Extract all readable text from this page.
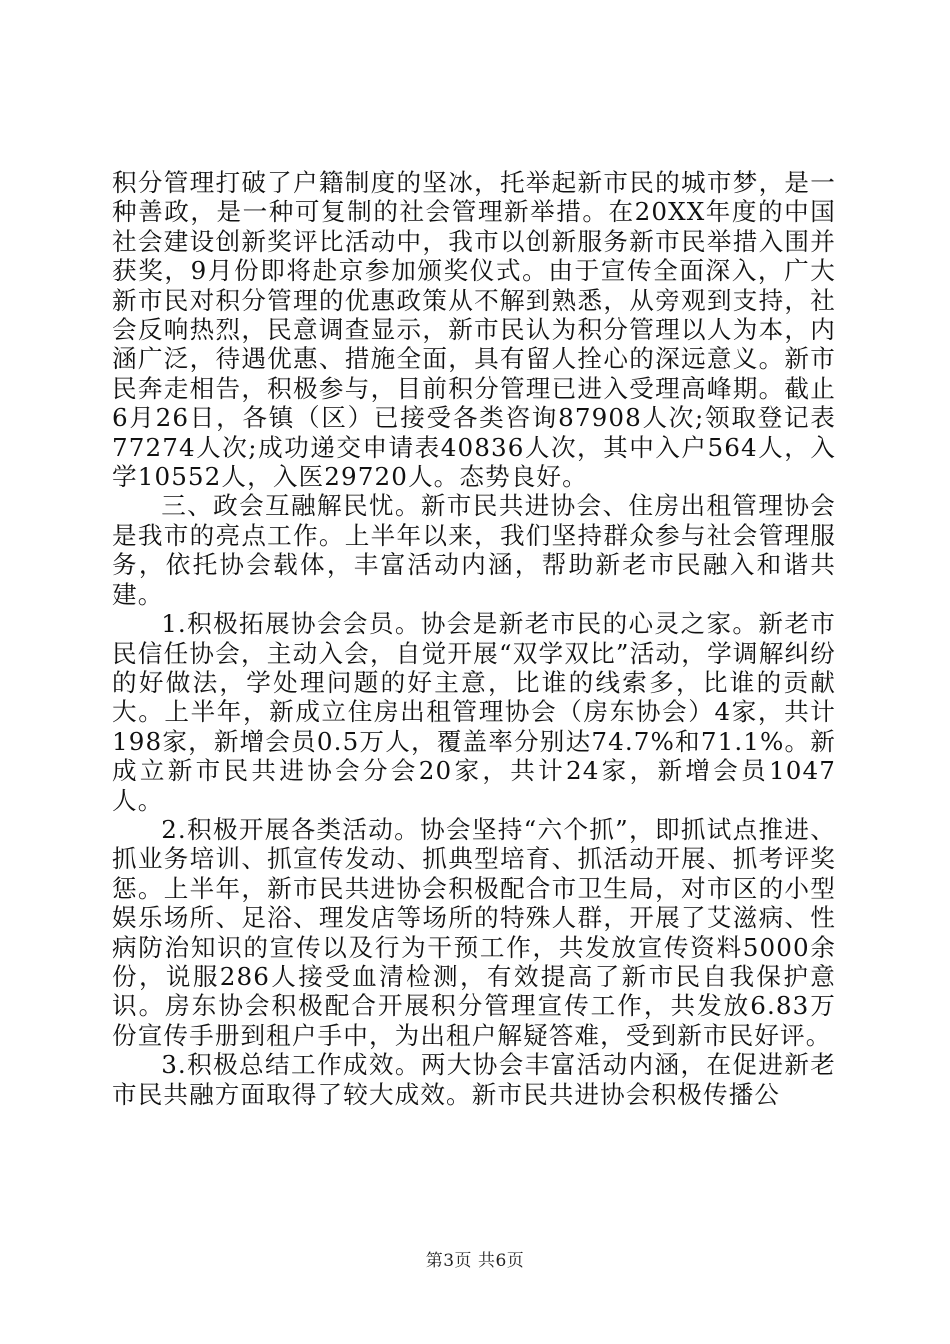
积分管理打破了户籍制度的坚冰，托举起新市民的城市梦，是一种善政，是一种可复制的社会管理新举措。在20XX年度的中国社会建设创新奖评比活动中，我市以创新服务新市民举措入围并获奖，9月份即将赴京参加颁奖仪式。由于宣传全面深入，广大新市民对积分管理的优惠政策从不解到熟悉，从旁观到支持，社会反响热烈，民意调查显示，新市民认为积分管理以人为本，内涵广泛，待遇优惠、措施全面，具有留人拴心的深远意义。新市民奔走相告，积极参与，目前积分管理已进入受理高峰期。截止6月26日，各镇（区）已接受各类咨询87908人次;领取登记表77274人次;成功递交申请表40836人次，其中入户564人，入学10552人，入医29720人。态势良好。

三、政会互融解民忧。新市民共进协会、住房出租管理协会是我市的亮点工作。上半年以来，我们坚持群众参与社会管理服务，依托协会载体，丰富活动内涵，帮助新老市民融入和谐共建。

1.积极拓展协会会员。协会是新老市民的心灵之家。新老市民信任协会，主动入会，自觉开展“双学双比”活动，学调解纠纷的好做法，学处理问题的好主意，比谁的线索多，比谁的贡献大。上半年，新成立住房出租管理协会（房东协会）4家，共计198家，新增会员0.5万人，覆盖率分别达74.7%和71.1%。新成立新市民共进协会分会20家，共计24家，新增会员1047人。

2.积极开展各类活动。协会坚持“六个抓”，即抓试点推进、抓业务培训、抓宣传发动、抓典型培育、抓活动开展、抓考评奖惩。上半年，新市民共进协会积极配合市卫生局，对市区的小型娱乐场所、足浴、理发店等场所的特殊人群，开展了艾滋病、性病防治知识的宣传以及行为干预工作，共发放宣传资料5000余份，说服286人接受血清检测，有效提高了新市民自我保护意识。房东协会积极配合开展积分管理宣传工作，共发放6.83万份宣传手册到租户手中，为出租户解疑答难，受到新市民好评。

3.积极总结工作成效。两大协会丰富活动内涵，在促进新老市民共融方面取得了较大成效。新市民共进协会积极传播公

第3页 共6页
